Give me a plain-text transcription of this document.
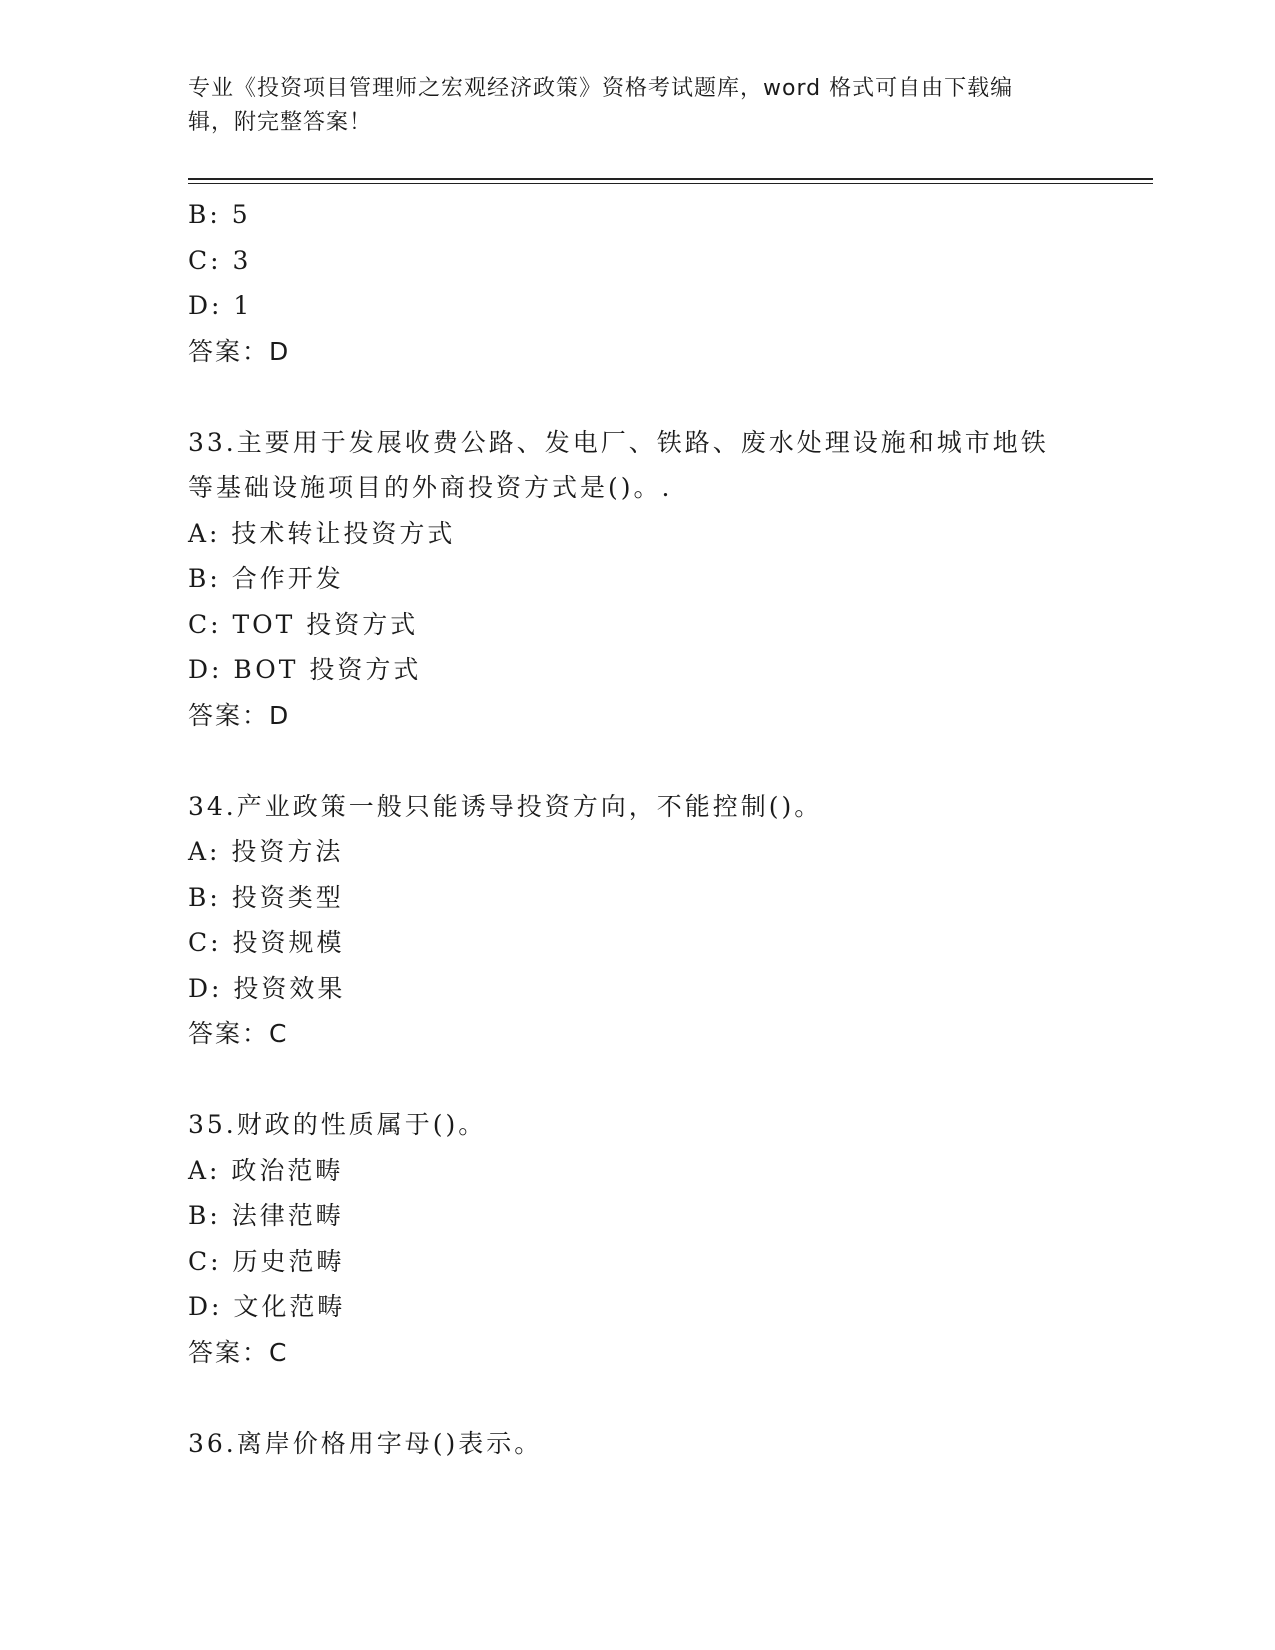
专业《投资项目管理师之宏观经济政策》资格考试题库，word 格式可自由下载编
辑，附完整答案！
B: 5
C: 3
D: 1
答案：D
33.主要用于发展收费公路、发电厂、铁路、废水处理设施和城市地铁
等基础设施项目的外商投资方式是()。.
A: 技术转让投资方式
B: 合作开发
C: TOT 投资方式
D: BOT 投资方式
答案：D
34.产业政策一般只能诱导投资方向，不能控制()。
A: 投资方法
B: 投资类型
C: 投资规模
D: 投资效果
答案：C
35.财政的性质属于()。
A: 政治范畴
B: 法律范畴
C: 历史范畴
D: 文化范畴
答案：C
36.离岸价格用字母()表示。
